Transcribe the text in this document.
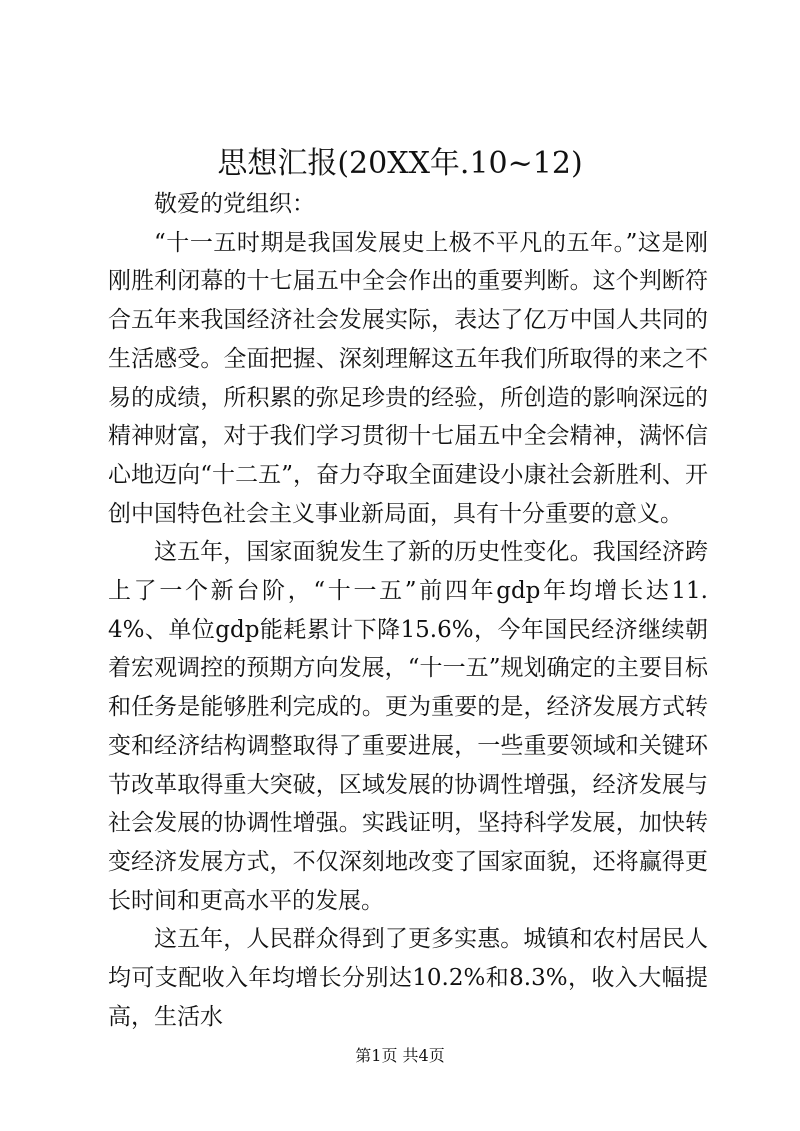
思想汇报(20XX年.10~12)

敬爱的党组织：

“十一五时期是我国发展史上极不平凡的五年。”这是刚刚胜利闭幕的十七届五中全会作出的重要判断。这个判断符合五年来我国经济社会发展实际，表达了亿万中国人共同的生活感受。全面把握、深刻理解这五年我们所取得的来之不易的成绩，所积累的弥足珍贵的经验，所创造的影响深远的精神财富，对于我们学习贯彻十七届五中全会精神，满怀信心地迈向“十二五”，奋力夺取全面建设小康社会新胜利、开创中国特色社会主义事业新局面，具有十分重要的意义。

这五年，国家面貌发生了新的历史性变化。我国经济跨上了一个新台阶，“十一五”前四年gdp年均增长达11.4%、单位gdp能耗累计下降15.6%，今年国民经济继续朝着宏观调控的预期方向发展，“十一五”规划确定的主要目标和任务是能够胜利完成的。更为重要的是，经济发展方式转变和经济结构调整取得了重要进展，一些重要领域和关键环节改革取得重大突破，区域发展的协调性增强，经济发展与社会发展的协调性增强。实践证明，坚持科学发展，加快转变经济发展方式，不仅深刻地改变了国家面貌，还将赢得更长时间和更高水平的发展。

这五年，人民群众得到了更多实惠。城镇和农村居民人均可支配收入年均增长分别达10.2%和8.3%，收入大幅提高，生活水

第1页 共4页
